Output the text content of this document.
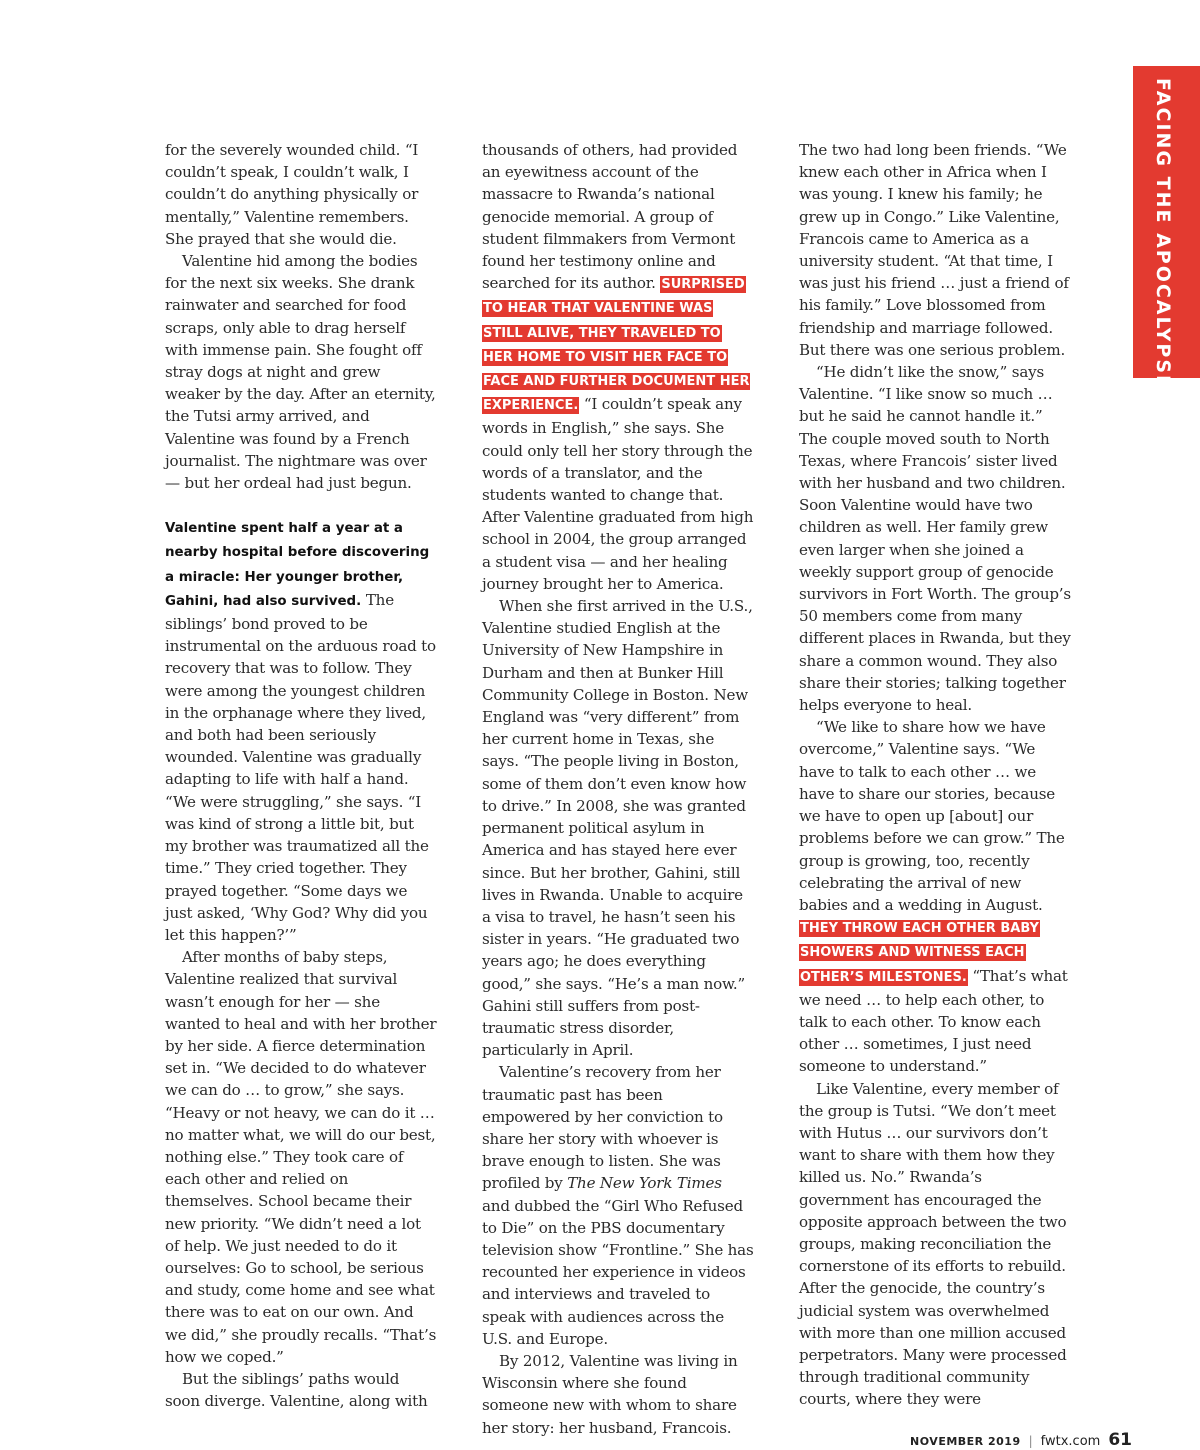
FACING THE APOCALYPSE

for the severely wounded child. “I couldn’t speak, I couldn’t walk, I couldn’t do anything physically or mentally,” Valentine remembers. She prayed that she would die.

Valentine hid among the bodies for the next six weeks. She drank rainwater and searched for food scraps, only able to drag herself with immense pain. She fought off stray dogs at night and grew weaker by the day. After an eternity, the Tutsi army arrived, and Valentine was found by a French journalist. The nightmare was over — but her ordeal had just begun.

Valentine spent half a year at a nearby hospital before discovering a miracle: Her younger brother, Gahini, had also survived. The siblings’ bond proved to be instrumental on the arduous road to recovery that was to follow. They were among the youngest children in the orphanage where they lived, and both had been seriously wounded. Valentine was gradually adapting to life with half a hand. “We were struggling,” she says. “I was kind of strong a little bit, but my brother was traumatized all the time.” They cried together. They prayed together. “Some days we just asked, ‘Why God? Why did you let this happen?’”

After months of baby steps, Valentine realized that survival wasn’t enough for her — she wanted to heal and with her brother by her side. A fierce determination set in. “We decided to do whatever we can do … to grow,” she says. “Heavy or not heavy, we can do it … no matter what, we will do our best, nothing else.” They took care of each other and relied on themselves. School became their new priority. “We didn’t need a lot of help. We just needed to do it ourselves: Go to school, be serious and study, come home and see what there was to eat on our own. And we did,” she proudly recalls. “That’s how we coped.”

But the siblings’ paths would soon diverge. Valentine, along with

thousands of others, had provided an eyewitness account of the massacre to Rwanda’s national genocide memorial. A group of student filmmakers from Vermont found her testimony online and searched for its author. SURPRISED TO HEAR THAT VALENTINE WAS STILL ALIVE, THEY TRAVELED TO HER HOME TO VISIT HER FACE TO FACE AND FURTHER DOCUMENT HER EXPERIENCE. “I couldn’t speak any words in English,” she says. She could only tell her story through the words of a translator, and the students wanted to change that. After Valentine graduated from high school in 2004, the group arranged a student visa — and her healing journey brought her to America.

When she first arrived in the U.S., Valentine studied English at the University of New Hampshire in Durham and then at Bunker Hill Community College in Boston. New England was “very different” from her current home in Texas, she says. “The people living in Boston, some of them don’t even know how to drive.” In 2008, she was granted permanent political asylum in America and has stayed here ever since. But her brother, Gahini, still lives in Rwanda. Unable to acquire a visa to travel, he hasn’t seen his sister in years. “He graduated two years ago; he does everything good,” she says. “He’s a man now.” Gahini still suffers from post-traumatic stress disorder, particularly in April.

Valentine’s recovery from her traumatic past has been empowered by her conviction to share her story with whoever is brave enough to listen. She was profiled by The New York Times and dubbed the “Girl Who Refused to Die” on the PBS documentary television show “Frontline.” She has recounted her experience in videos and interviews and traveled to speak with audiences across the U.S. and Europe.

By 2012, Valentine was living in Wisconsin where she found someone new with whom to share her story: her husband, Francois.

The two had long been friends. “We knew each other in Africa when I was young. I knew his family; he grew up in Congo.” Like Valentine, Francois came to America as a university student. “At that time, I was just his friend … just a friend of his family.” Love blossomed from friendship and marriage followed. But there was one serious problem.

“He didn’t like the snow,” says Valentine. “I like snow so much … but he said he cannot handle it.” The couple moved south to North Texas, where Francois’ sister lived with her husband and two children. Soon Valentine would have two children as well. Her family grew even larger when she joined a weekly support group of genocide survivors in Fort Worth. The group’s 50 members come from many different places in Rwanda, but they share a common wound. They also share their stories; talking together helps everyone to heal.

“We like to share how we have overcome,” Valentine says. “We have to talk to each other … we have to share our stories, because we have to open up [about] our problems before we can grow.” The group is growing, too, recently celebrating the arrival of new babies and a wedding in August. THEY THROW EACH OTHER BABY SHOWERS AND WITNESS EACH OTHER’S MILESTONES. “That’s what we need … to help each other, to talk to each other. To know each other … sometimes, I just need someone to understand.”

Like Valentine, every member of the group is Tutsi. “We don’t meet with Hutus … our survivors don’t want to share with them how they killed us. No.” Rwanda’s government has encouraged the opposite approach between the two groups, making reconciliation the cornerstone of its efforts to rebuild. After the genocide, the country’s judicial system was overwhelmed with more than one million accused perpetrators. Many were processed through traditional community courts, where they were

NOVEMBER 2019 | fwtx.com 61
